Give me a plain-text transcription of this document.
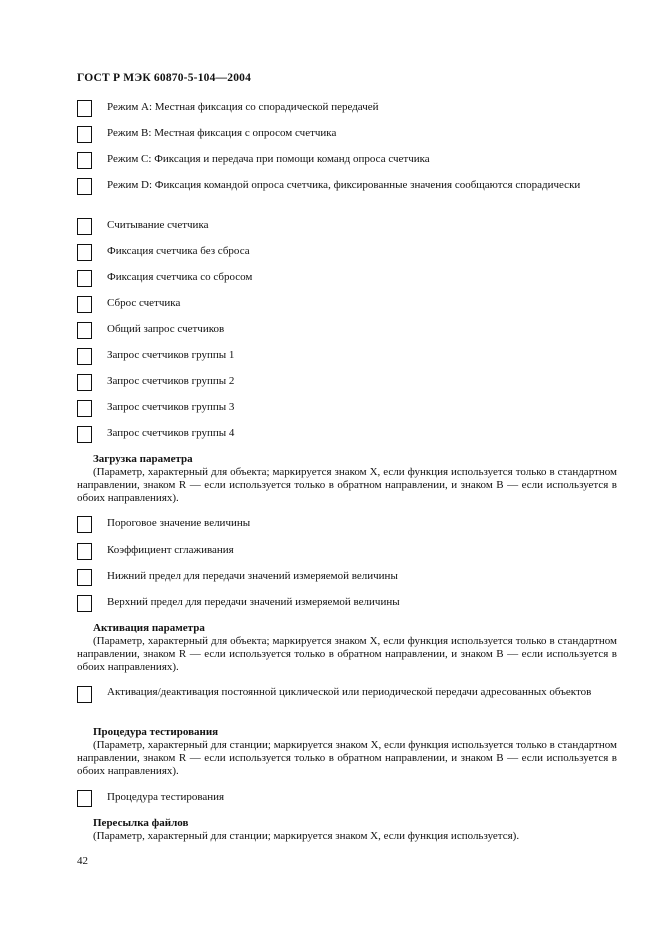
ГОСТ Р МЭК 60870-5-104—2004
Режим A: Местная фиксация со спорадической передачей
Режим B: Местная фиксация с опросом счетчика
Режим C: Фиксация и передача при помощи команд опроса счетчика
Режим D: Фиксация командой опроса счетчика, фиксированные значения сообщаются спорадически
Считывание счетчика
Фиксация счетчика без сброса
Фиксация счетчика со сбросом
Сброс счетчика
Общий запрос счетчиков
Запрос счетчиков группы 1
Запрос счетчиков группы 2
Запрос счетчиков группы 3
Запрос счетчиков группы 4
Загрузка параметра
(Параметр, характерный для объекта; маркируется знаком X, если функция используется только в стандартном направлении, знаком R — если используется только в обратном направлении, и знаком B — если используется в обоих направлениях).
Пороговое значение величины
Коэффициент сглаживания
Нижний предел для передачи значений измеряемой величины
Верхний предел для передачи значений измеряемой величины
Активация параметра
(Параметр, характерный для объекта; маркируется знаком X, если функция используется только в стандартном направлении, знаком R — если используется только в обратном направлении, и знаком B — если используется в обоих направлениях).
Активация/деактивация постоянной циклической или периодической передачи адресованных объектов
Процедура тестирования
(Параметр, характерный для станции; маркируется знаком X, если функция используется только в стандартном направлении, знаком R — если используется только в обратном направлении, и знаком B — если используется в обоих направлениях).
Процедура тестирования
Пересылка файлов
(Параметр, характерный для станции; маркируется знаком X, если функция используется).
42
